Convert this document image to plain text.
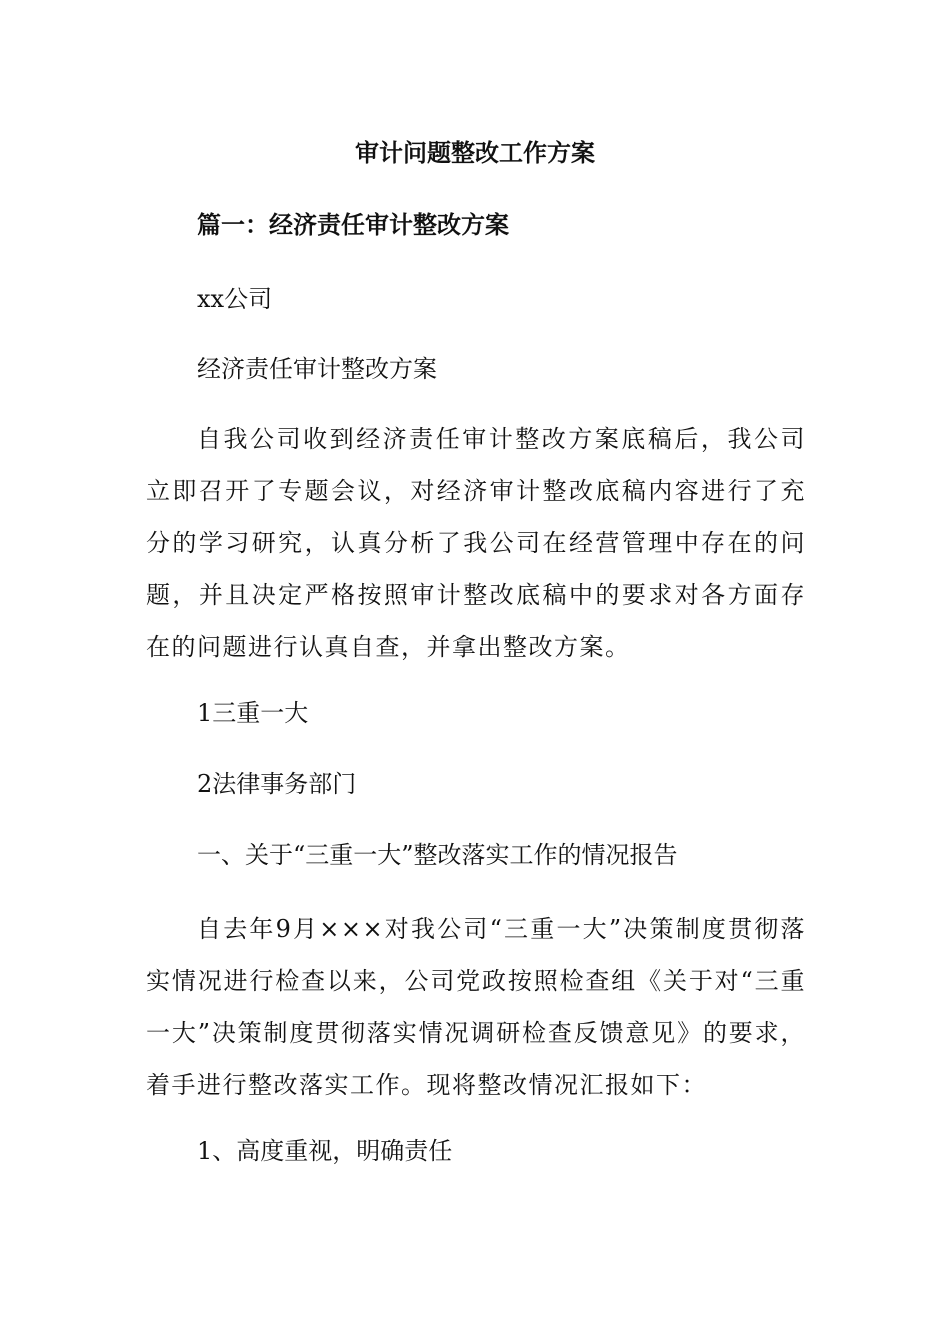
审计问题整改工作方案
篇一：经济责任审计整改方案
xx公司
经济责任审计整改方案
自我公司收到经济责任审计整改方案底稿后，我公司立即召开了专题会议，对经济审计整改底稿内容进行了充分的学习研究，认真分析了我公司在经营管理中存在的问题，并且决定严格按照审计整改底稿中的要求对各方面存在的问题进行认真自查，并拿出整改方案。
1三重一大
2法律事务部门
一、关于“三重一大”整改落实工作的情况报告
自去年9月×××对我公司“三重一大”决策制度贯彻落实情况进行检查以来，公司党政按照检查组《关于对“三重一大”决策制度贯彻落实情况调研检查反馈意见》的要求，着手进行整改落实工作。现将整改情况汇报如下：
1、高度重视，明确责任
